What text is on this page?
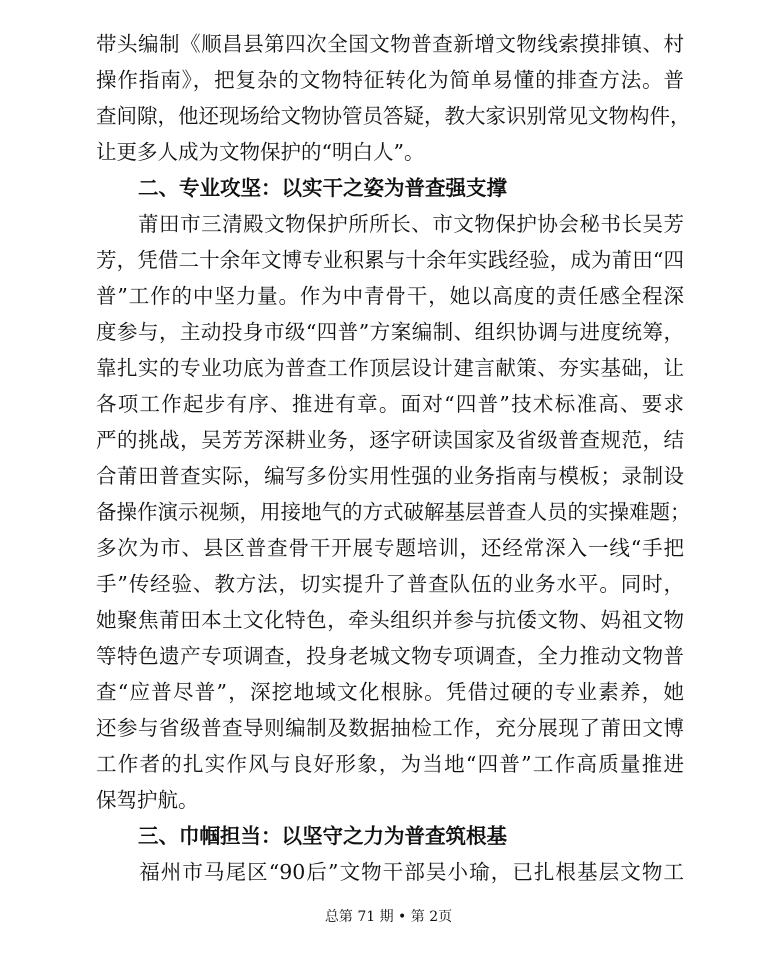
带头编制《顺昌县第四次全国文物普查新增文物线索摸排镇、村
操作指南》，把复杂的文物特征转化为简单易懂的排查方法。普
查间隙，他还现场给文物协管员答疑，教大家识别常见文物构件，
让更多人成为文物保护的“明白人”。
二、专业攻坚：以实干之姿为普查强支撑
　　莆田市三清殿文物保护所所长、市文物保护协会秘书长吴芳
芳，凭借二十余年文博专业积累与十余年实践经验，成为莆田“四
普”工作的中坚力量。作为中青骨干，她以高度的责任感全程深
度参与，主动投身市级“四普”方案编制、组织协调与进度统筹，
靠扎实的专业功底为普查工作顶层设计建言献策、夯实基础，让
各项工作起步有序、推进有章。面对“四普”技术标准高、要求
严的挑战，吴芳芳深耕业务，逐字研读国家及省级普查规范，结
合莆田普查实际，编写多份实用性强的业务指南与模板；录制设
备操作演示视频，用接地气的方式破解基层普查人员的实操难题；
多次为市、县区普查骨干开展专题培训，还经常深入一线“手把
手”传经验、教方法，切实提升了普查队伍的业务水平。同时，
她聚焦莆田本土文化特色，牵头组织并参与抗倭文物、妈祖文物
等特色遗产专项调查，投身老城文物专项调查，全力推动文物普
查“应普尽普”，深挖地域文化根脉。凭借过硬的专业素养，她
还参与省级普查导则编制及数据抽检工作，充分展现了莆田文博
工作者的扎实作风与良好形象，为当地“四普”工作高质量推进
保驾护航。
三、巾帼担当：以坚守之力为普查筑根基
　　福州市马尾区“90后”文物干部吴小瑜，已扎根基层文物工
总第 71 期 • 第 2页
